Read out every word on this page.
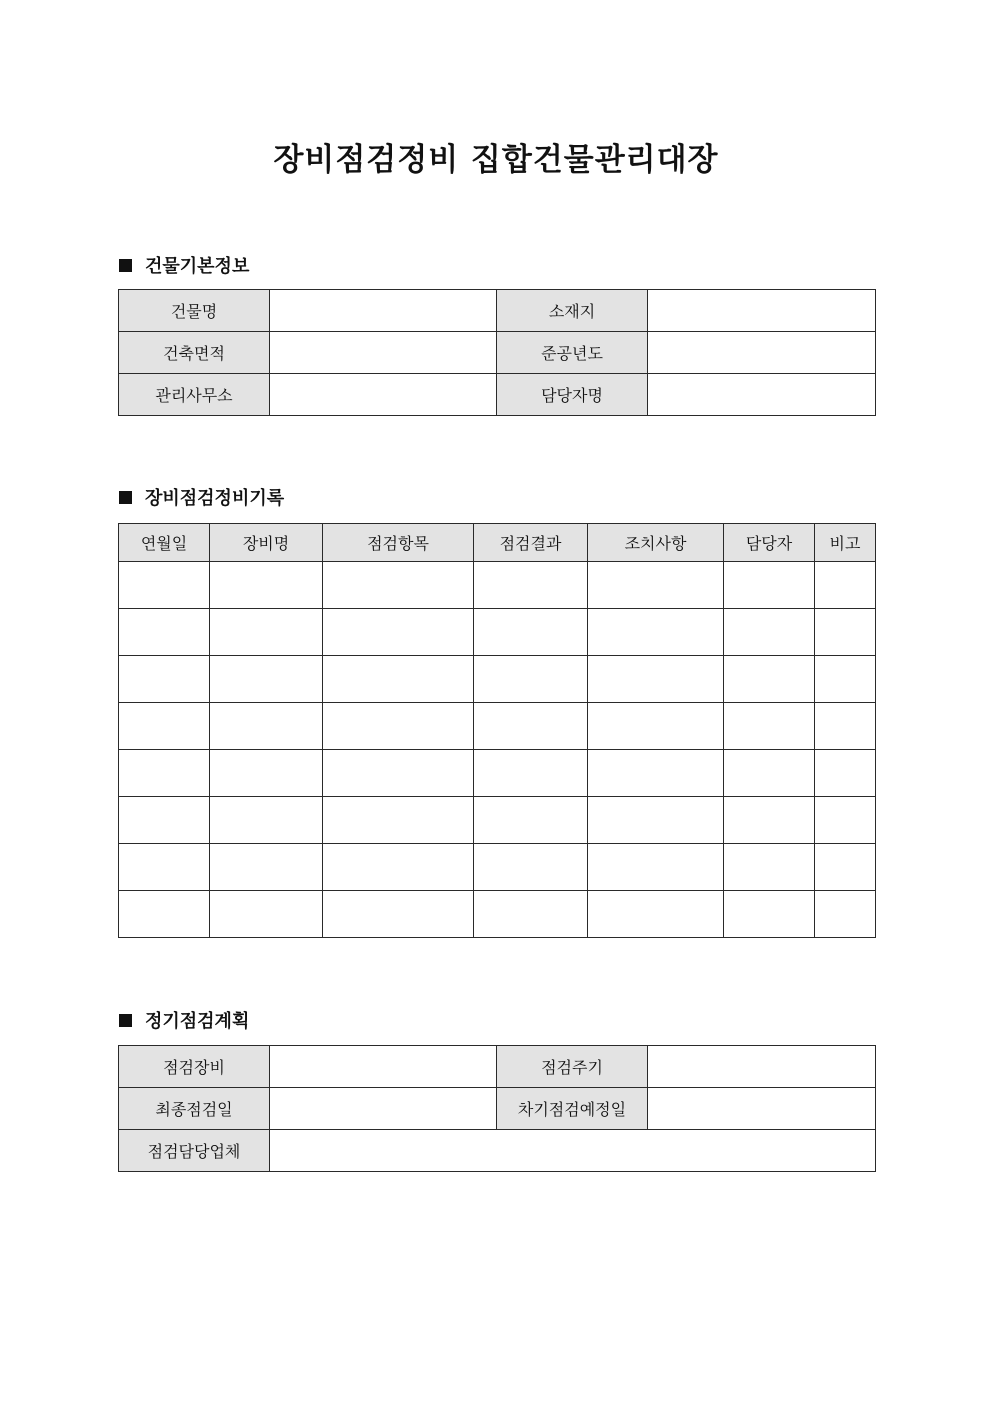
장비점검정비 집합건물관리대장
건물기본정보
건물명		소재지	
건축면적		준공년도	
관리사무소		담당자명	
장비점검정비기록
연월일	장비명	점검항목	점검결과	조치사항	담당자	비고

정기점검계획
점검장비		점검주기	
최종점검일		차기점검예정일	
점검담당업체			
